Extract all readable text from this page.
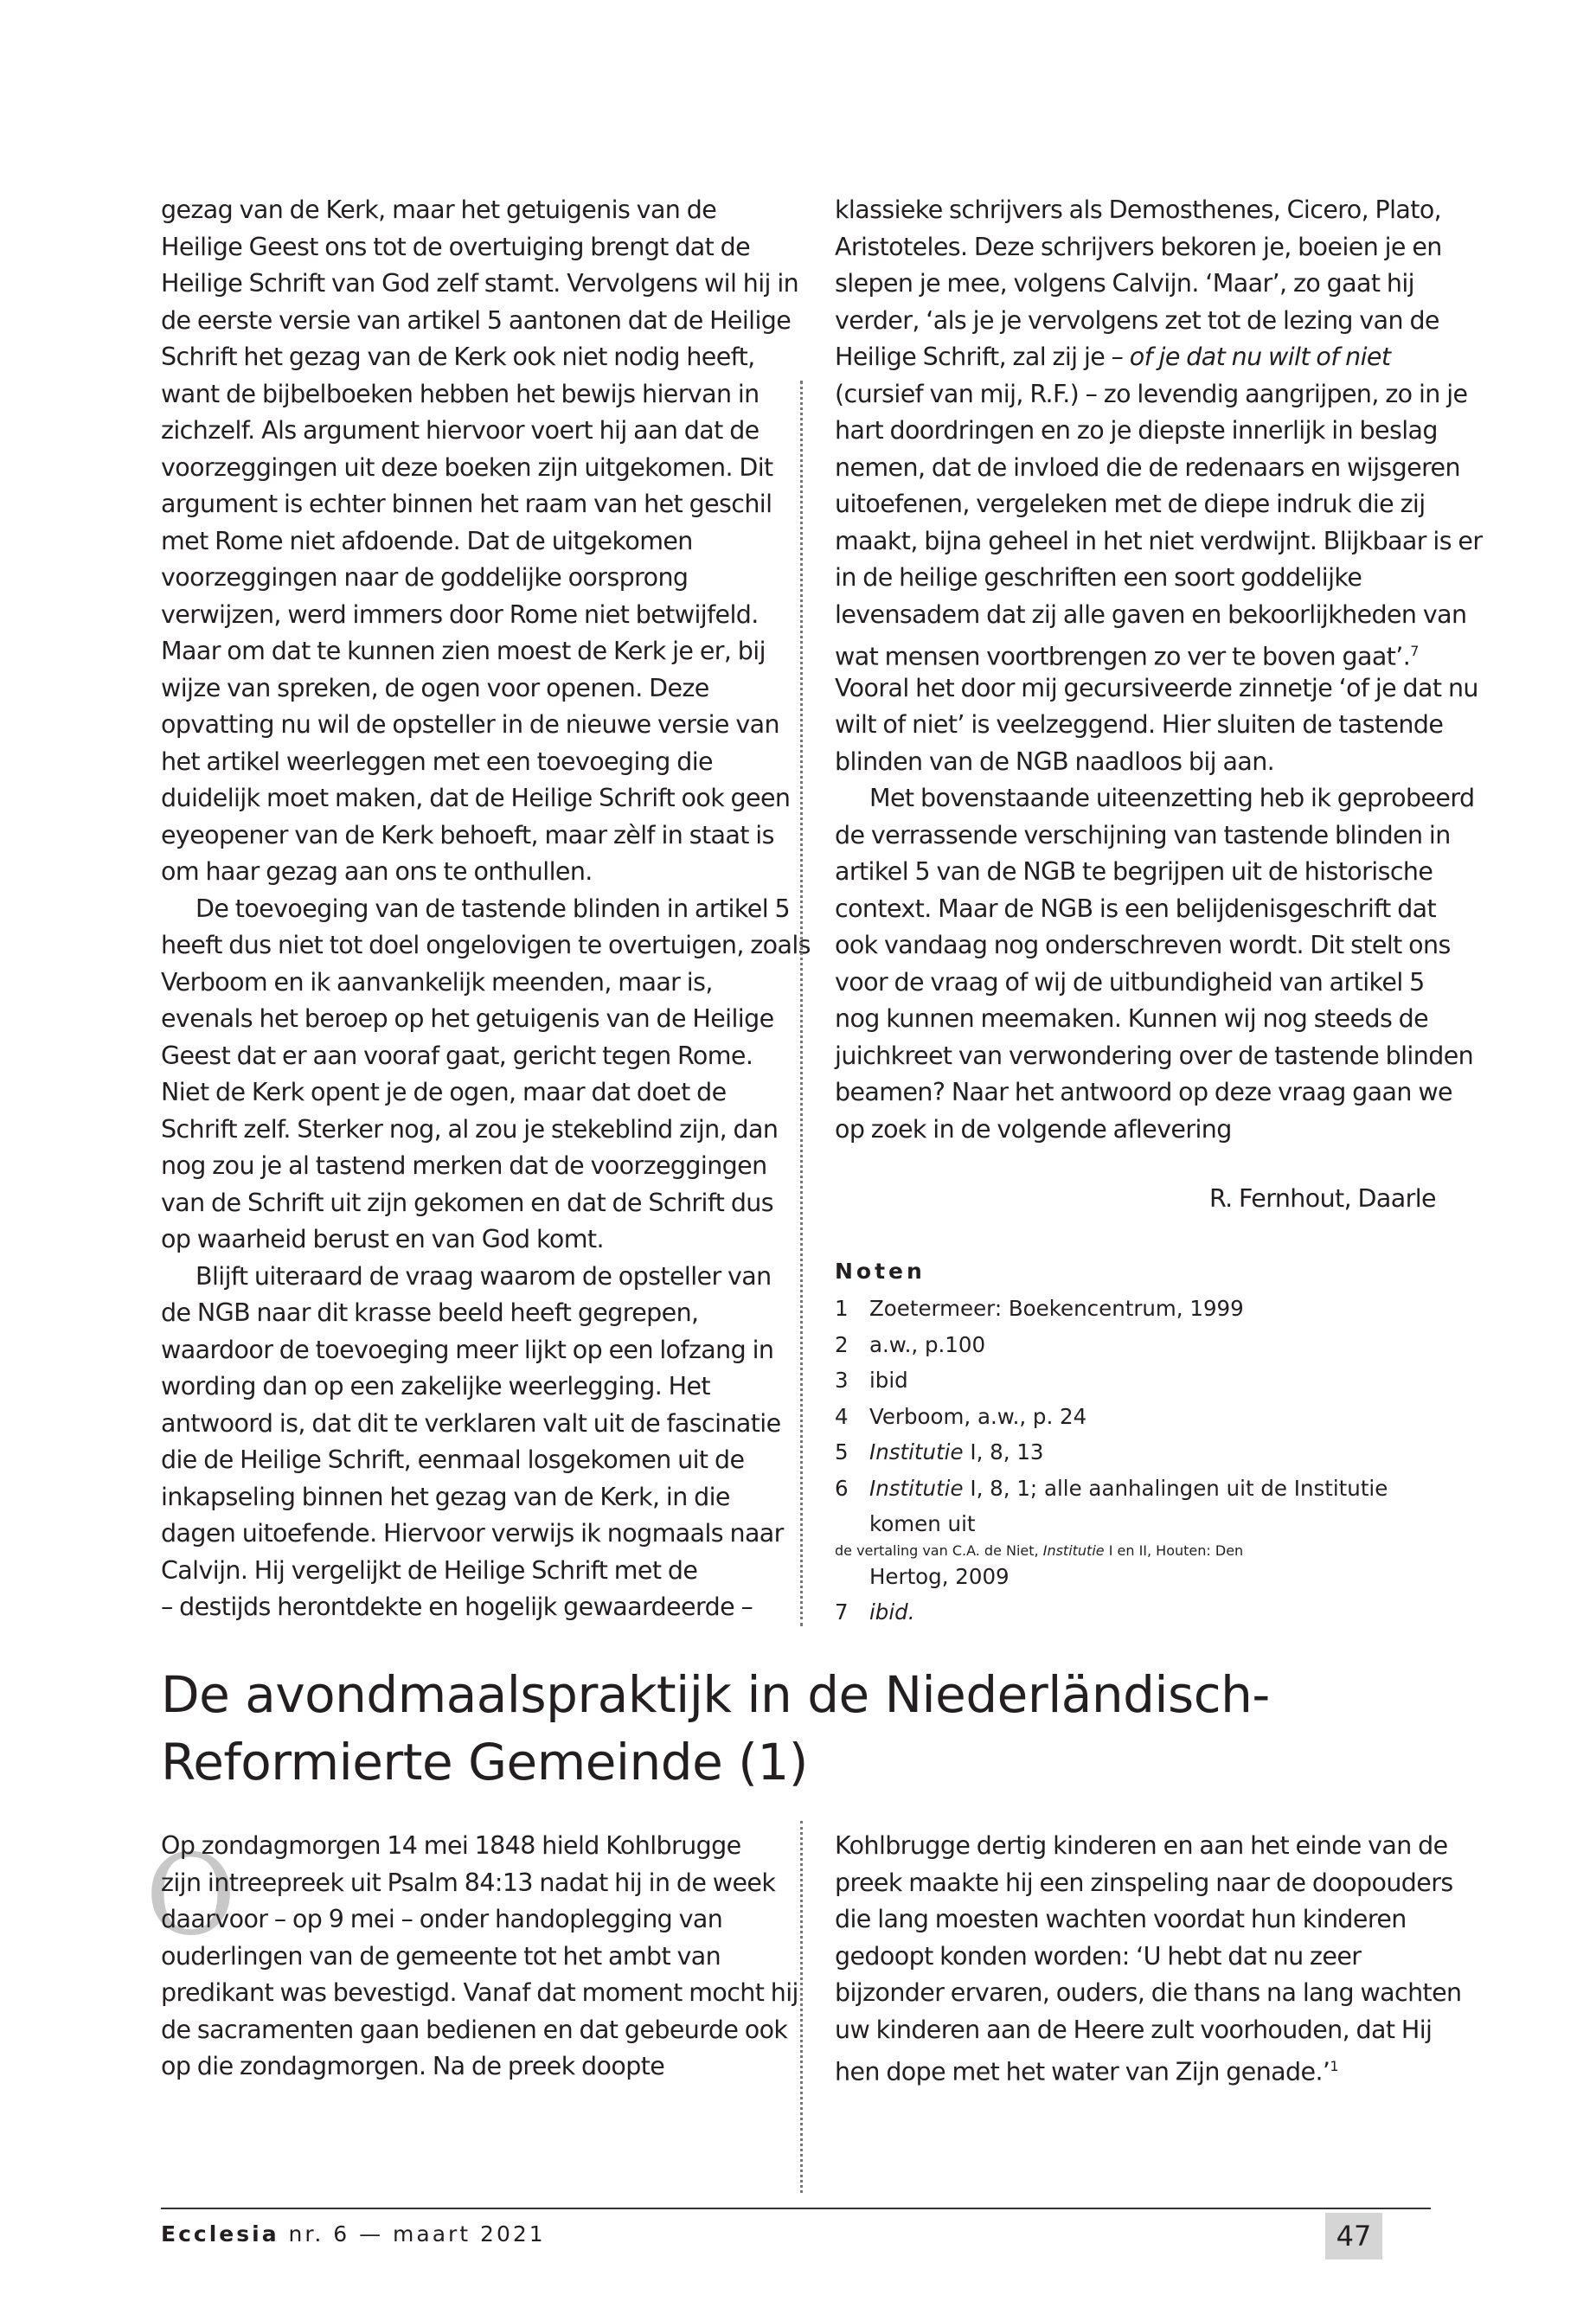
gezag van de Kerk, maar het getuigenis van de
Heilige Geest ons tot de overtuiging brengt dat de
Heilige Schrift van God zelf stamt. Vervolgens wil hij in
de eerste versie van artikel 5 aantonen dat de Heilige
Schrift het gezag van de Kerk ook niet nodig heeft,
want de bijbelboeken hebben het bewijs hiervan in
zichzelf. Als argument hiervoor voert hij aan dat de
voorzeggingen uit deze boeken zijn uitgekomen. Dit
argument is echter binnen het raam van het geschil
met Rome niet afdoende. Dat de uitgekomen
voorzeggingen naar de goddelijke oorsprong
verwijzen, werd immers door Rome niet betwijfeld.
Maar om dat te kunnen zien moest de Kerk je er, bij
wijze van spreken, de ogen voor openen. Deze
opvatting nu wil de opsteller in de nieuwe versie van
het artikel weerleggen met een toevoeging die
duidelijk moet maken, dat de Heilige Schrift ook geen
eyeopener van de Kerk behoeft, maar zèlf in staat is
om haar gezag aan ons te onthullen.
De toevoeging van de tastende blinden in artikel 5
heeft dus niet tot doel ongelovigen te overtuigen, zoals
Verboom en ik aanvankelijk meenden, maar is,
evenals het beroep op het getuigenis van de Heilige
Geest dat er aan vooraf gaat, gericht tegen Rome.
Niet de Kerk opent je de ogen, maar dat doet de
Schrift zelf. Sterker nog, al zou je stekeblind zijn, dan
nog zou je al tastend merken dat de voorzeggingen
van de Schrift uit zijn gekomen en dat de Schrift dus
op waarheid berust en van God komt.
Blijft uiteraard de vraag waarom de opsteller van
de NGB naar dit krasse beeld heeft gegrepen,
waardoor de toevoeging meer lijkt op een lofzang in
wording dan op een zakelijke weerlegging. Het
antwoord is, dat dit te verklaren valt uit de fascinatie
die de Heilige Schrift, eenmaal losgekomen uit de
inkapseling binnen het gezag van de Kerk, in die
dagen uitoefende. Hiervoor verwijs ik nogmaals naar
Calvijn. Hij vergelijkt de Heilige Schrift met de
– destijds herontdekte en hogelijk gewaardeerde –
klassieke schrijvers als Demosthenes, Cicero, Plato,
Aristoteles. Deze schrijvers bekoren je, boeien je en
slepen je mee, volgens Calvijn. ‘Maar’, zo gaat hij
verder, ‘als je je vervolgens zet tot de lezing van de
Heilige Schrift, zal zij je – of je dat nu wilt of niet
(cursief van mij, R.F.) – zo levendig aangrijpen, zo in je
hart doordringen en zo je diepste innerlijk in beslag
nemen, dat de invloed die de redenaars en wijsgeren
uitoefenen, vergeleken met de diepe indruk die zij
maakt, bijna geheel in het niet verdwijnt. Blijkbaar is er
in de heilige geschriften een soort goddelijke
levensadem dat zij alle gaven en bekoorlijkheden van
wat mensen voortbrengen zo ver te boven gaat’.$^7$
Vooral het door mij gecursiveerde zinnetje ‘of je dat nu
wilt of niet’ is veelzeggend. Hier sluiten de tastende
blinden van de NGB naadloos bij aan.
Met bovenstaande uiteenzetting heb ik geprobeerd
de verrassende verschijning van tastende blinden in
artikel 5 van de NGB te begrijpen uit de historische
context. Maar de NGB is een belijdenisgeschrift dat
ook vandaag nog onderschreven wordt. Dit stelt ons
voor de vraag of wij de uitbundigheid van artikel 5
nog kunnen meemaken. Kunnen wij nog steeds de
juichkreet van verwondering over de tastende blinden
beamen? Naar het antwoord op deze vraag gaan we
op zoek in de volgende aflevering
R. Fernhout, Daarle
Noten
1 Zoetermeer: Boekencentrum, 1999
2 a.w., p.100
3 ibid
4 Verboom, a.w., p. 24
5 Institutie I, 8, 13
6 Institutie I, 8, 1; alle aanhalingen uit de Institutie komen uit
de vertaling van C.A. de Niet, Institutie I en II, Houten: Den
Hertog, 2009
7 ibid.
De avondmaalspraktijk in de Niederländisch-
Reformierte Gemeinde (1)
O
Op zondagmorgen 14 mei 1848 hield Kohlbrugge
zijn intreepreek uit Psalm 84:13 nadat hij in de week
daarvoor – op 9 mei – onder handoplegging van
ouderlingen van de gemeente tot het ambt van
predikant was bevestigd. Vanaf dat moment mocht hij
de sacramenten gaan bedienen en dat gebeurde ook
op die zondagmorgen. Na de preek doopte
Kohlbrugge dertig kinderen en aan het einde van de
preek maakte hij een zinspeling naar de doopouders
die lang moesten wachten voordat hun kinderen
gedoopt konden worden: ‘U hebt dat nu zeer
bijzonder ervaren, ouders, die thans na lang wachten
uw kinderen aan de Heere zult voorhouden, dat Hij
hen dope met het water van Zijn genade.’$^1$
Ecclesia nr. 6 — maart 2021	47
